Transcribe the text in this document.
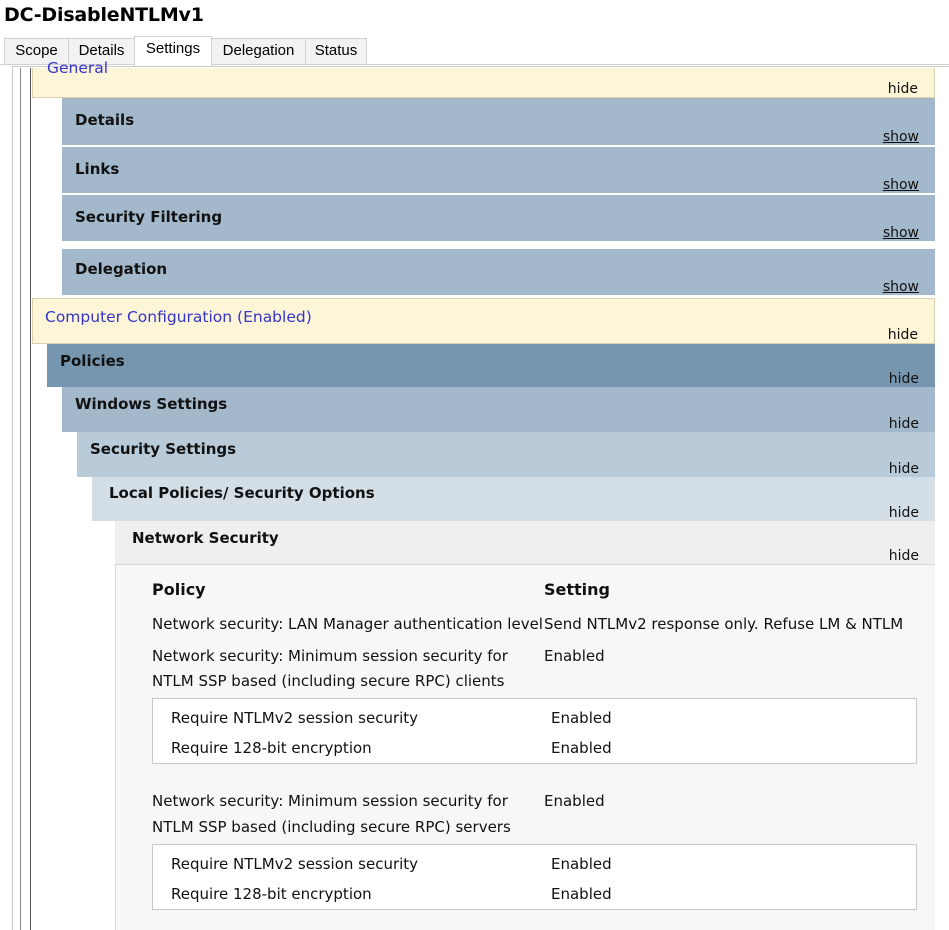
DC-DisableNTLMv1
Scope	Details	Settings	Delegation	Status
General
hide
Details
show
Links
show
Security Filtering
show
Delegation
show
Computer Configuration (Enabled)
hide
Policies
hide
Windows Settings
hide
Security Settings
hide
Local Policies/ Security Options
hide
Network Security
hide
Policy	Setting
Network security: LAN Manager authentication level Send NTLMv2 response only. Refuse LM & NTLM
Network security: Minimum session security for
NTLM SSP based (including secure RPC) clients
Enabled
Require NTLMv2 session security	Enabled
Require 128-bit encryption	Enabled
Network security: Minimum session security for
NTLM SSP based (including secure RPC) servers
Enabled
Require NTLMv2 session security	Enabled
Require 128-bit encryption	Enabled
